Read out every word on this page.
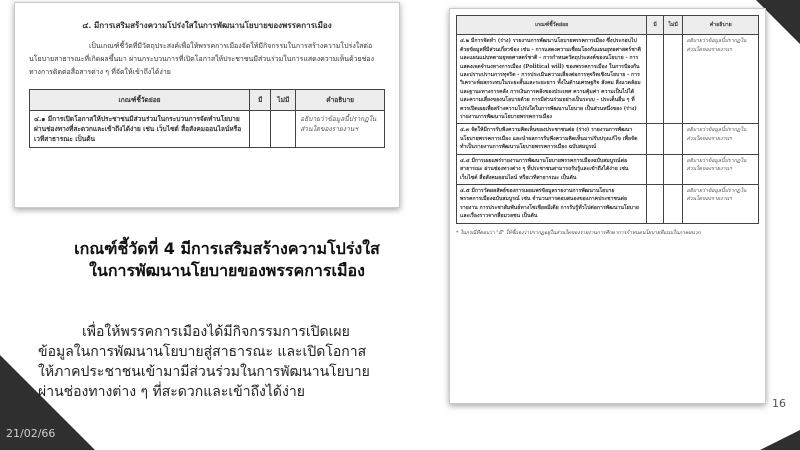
21/02/66
16
๔. มีการเสริมสร้างความโปร่งใสในการพัฒนานโยบายของพรรคการเมือง
เป็นเกณฑ์ชี้วัดที่มีวัตถุประสงค์เพื่อให้พรรคการเมืองจัดให้มีกิจกรรมในการสร้างความโปร่งใสต่อนโยบายสาธารณะที่เกิดผลขึ้นมา ผ่านกระบวนการที่เปิดโอกาสให้ประชาชนมีส่วนร่วมในการแสดงความเห็นด้วยช่องทางการติดต่อสื่อสารต่าง ๆ ที่จัดให้เข้าถึงได้ง่าย
เกณฑ์ชี้วัดย่อย	มี	ไม่มี	คำอธิบาย
๔.๑ มีการเปิดโอกาสให้ประชาชนมีส่วนร่วมในกระบวนการจัดทำนโยบาย ผ่านช่องทางที่สะดวกและเข้าถึงได้ง่าย เช่น เว็บไซต์ สื่อสังคมออนไลน์หรือเวทีสาธารณะ เป็นต้น			อธิบายว่าข้อมูลนี้ปรากฏในส่วนใดของรายงานฯ
เกณฑ์ชี้วัดที่ 4 มีการเสริมสร้างความโปร่งใสในการพัฒนานโยบายของพรรคการเมือง
เพื่อให้พรรคการเมืองได้มีกิจกรรมการเปิดเผยข้อมูลในการพัฒนานโยบายสู่สาธารณะ และเปิดโอกาสให้ภาคประชาชนเข้ามามีส่วนร่วมในการพัฒนานโยบายผ่านช่องทางต่าง ๆ ที่สะดวกและเข้าถึงได้ง่าย
เกณฑ์ชี้วัดย่อย	มี	ไม่มี	คำอธิบาย
๔.๒ มีการจัดทำ (ร่าง) รายงานการพัฒนานโยบายพรรคการเมือง ซึ่งประกอบไปด้วยข้อมูลที่มีส่วนเกี่ยวข้อง เช่น - การแสดงความเชื่อมโยงกับแผนยุทธศาสตร์ชาติและแผนแม่บทตามยุทธศาสตร์ชาติ - การกำหนดวัตถุประสงค์ของนโยบาย - การแสดงเจตจำนงทางการเมือง (Political will) ของพรรคการเมือง ในการป้องกันและปราบปรามการทุจริต - การประเมินความเสี่ยงต่อการทุจริตเชิงนโยบาย - การวิเคราะห์ผลกระทบในระยะสั้นและระยะยาว ทั้งในด้านเศรษฐกิจ สังคม สิ่งแวดล้อม และฐานะทางการคลัง การเงินการคลังของประเทศ ความคุ้มค่า ความเป็นไปได้ และความเสี่ยงของนโยบายด้วย การมีส่วนร่วมอย่างเป็นระบบ - ประเด็นอื่น ๆ ที่ควรเปิดเผยเพื่อสร้างความโปร่งใสในการพัฒนานโยบาย เป็นส่วนหนึ่งของ (ร่าง) รายงานการพัฒนานโยบายพรรคการเมือง			อธิบายว่าข้อมูลนี้ปรากฏในส่วนใดของรายงานฯ
๔.๓ จัดให้มีการรับฟังความคิดเห็นของประชาชนต่อ (ร่าง) รายงานการพัฒนานโยบายพรรคการเมือง และนำผลการรับฟังความคิดเห็นมาปรับปรุงแก้ไข เพื่อจัดทำเป็นรายงานการพัฒนานโยบายพรรคการเมือง ฉบับสมบูรณ์			อธิบายว่าข้อมูลนี้ปรากฏในส่วนใดของรายงานฯ
๔.๔ มีการเผยแพร่รายงานการพัฒนานโยบายพรรคการเมืองฉบับสมบูรณ์ต่อสาธารณะ ผ่านช่องทางต่าง ๆ ที่ประชาชนสามารถรับรู้และเข้าถึงได้ง่าย เช่น เว็บไซต์ สื่อสังคมออนไลน์ หรือเวทีสาธารณะ เป็นต้น			อธิบายว่าข้อมูลนี้ปรากฏในส่วนใดของรายงานฯ
๔.๕ มีการวัดผลลัพธ์ของการเผยแพร่ข้อมูลรายงานการพัฒนานโยบายพรรคการเมืองฉบับสมบูรณ์ เช่น จำนวนการตอบสนองของภาคประชาชนต่อรายงาน การประชาสัมพันธ์ทางโซเชียลมีเดีย การรับรู้ทั่วไปต่อการพัฒนานโยบายและเรื่องราวจากสื่อมวลชน เป็นต้น			อธิบายว่าข้อมูลนี้ปรากฏในส่วนใดของรายงานฯ
* ในกรณีที่ตอบว่า "มี" ให้ชี้แจงว่าปรากฏอยู่ในส่วนใดของรายงานการศึกษาการกำหนดนโยบายที่แนบในภาคผนวก
